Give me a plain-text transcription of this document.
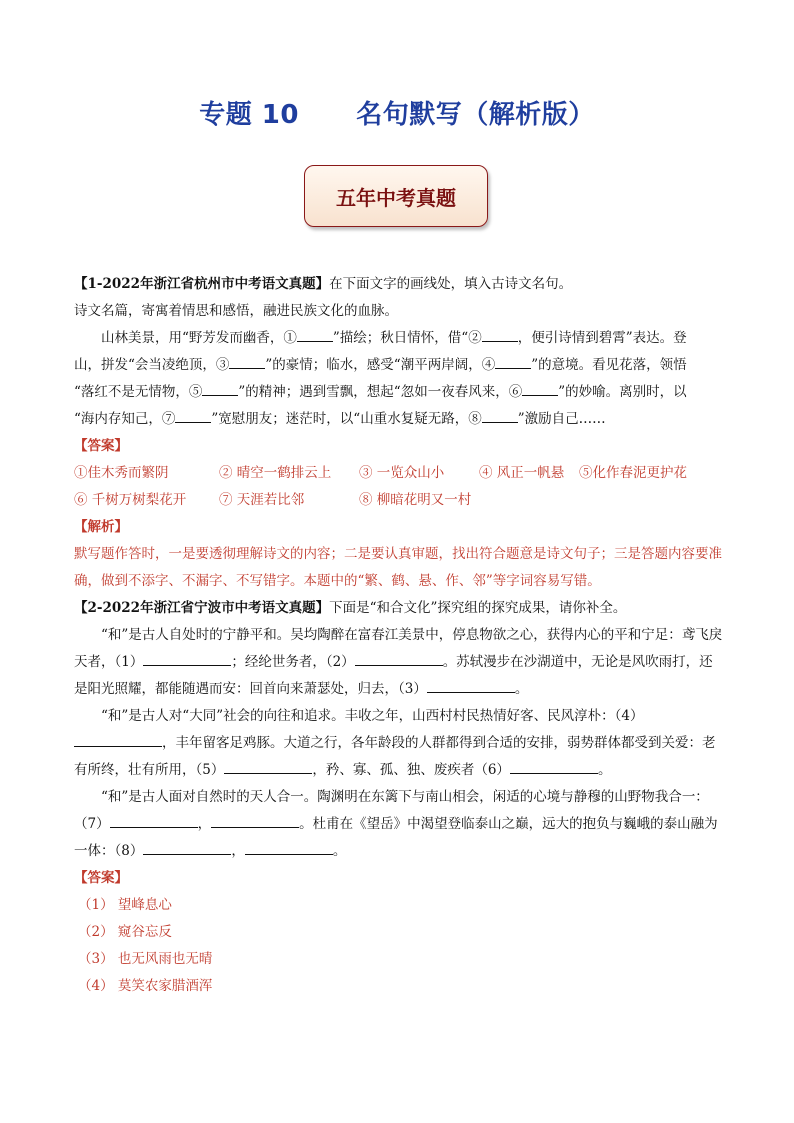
专题 10      名句默写（解析版）
五年中考真题

【1-2022年浙江省杭州市中考语文真题】在下面文字的画线处，填入古诗文名句。

诗文名篇，寄寓着情思和感悟，融进民族文化的血脉。

山林美景，用“野芳发而幽香，①	”描绘；秋日情怀，借“②	，便引诗情到碧霄”表达。登

山，拼发“会当凌绝顶，③	”的豪情；临水，感受“潮平两岸阔，④	”的意境。看见花落，领悟

“落红不是无情物，⑤	”的精神；遇到雪飘，想起“忽如一夜春风来，⑥	”的妙喻。离别时，以

“海内存知己，⑦	”宽慰朋友；迷茫时，以“山重水复疑无路，⑧	”激励自己……

【答案】

①佳木秀而繁阴	② 晴空一鹤排云上	③ 一览众山小	④ 风正一帆悬	⑤化作春泥更护花
⑥ 千树万树梨花开	⑦ 天涯若比邻	⑧ 柳暗花明又一村

【解析】

默写题作答时，一是要透彻理解诗文的内容；二是要认真审题，找出符合题意是诗文句子；三是答题内容要准确，做到不添字、不漏字、不写错字。本题中的“繁、鹤、悬、作、邻”等字词容易写错。

【2-2022年浙江省宁波市中考语文真题】下面是“和合文化”探究组的探究成果，请你补全。

“和”是古人自处时的宁静平和。吴均陶醉在富春江美景中，停息物欲之心，获得内心的平和宁足：鸢飞戾天者，（1）	；经纶世务者，（2）	。苏轼漫步在沙湖道中，无论是风吹雨打，还是阳光照耀，都能随遇而安：回首向来萧瑟处，归去，（3）	。

“和”是古人对“大同”社会的向往和追求。丰收之年，山西村村民热情好客、民风淳朴：（4），丰年留客足鸡豚。大道之行，各年龄段的人群都得到合适的安排，弱势群体都受到关爱：老有所终，壮有所用，（5）	，矜、寡、孤、独、废疾者（6）	。

“和”是古人面对自然时的天人合一。陶渊明在东篱下与南山相会，闲适的心境与静穆的山野物我合一：（7）	，	。杜甫在《望岳》中渴望登临泰山之巅，远大的抱负与巍峨的泰山融为一体：（8）	，	。

【答案】

（1） 望峰息心

（2） 窥谷忘反

（3） 也无风雨也无晴

（4） 莫笑农家腊酒浑
